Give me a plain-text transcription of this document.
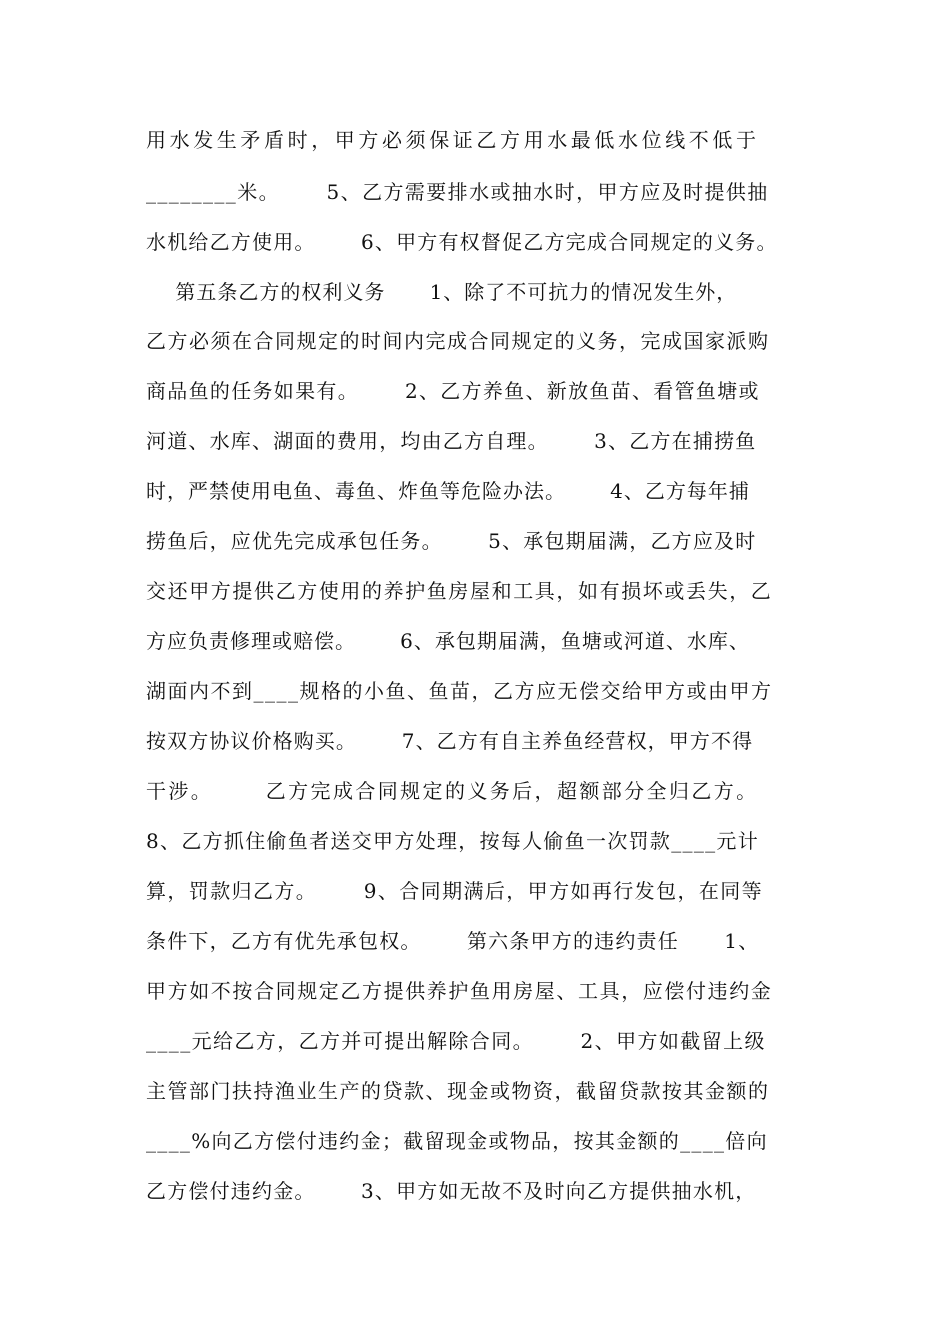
用水发生矛盾时，甲方必须保证乙方用水最低水位线不低于
________米。      5、乙方需要排水或抽水时，甲方应及时提供抽
水机给乙方使用。      6、甲方有权督促乙方完成合同规定的义务。
第五条乙方的权利义务      1、除了不可抗力的情况发生外，
乙方必须在合同规定的时间内完成合同规定的义务，完成国家派购
商品鱼的任务如果有。      2、乙方养鱼、新放鱼苗、看管鱼塘或
河道、水库、湖面的费用，均由乙方自理。      3、乙方在捕捞鱼
时，严禁使用电鱼、毒鱼、炸鱼等危险办法。      4、乙方每年捕
捞鱼后，应优先完成承包任务。      5、承包期届满，乙方应及时
交还甲方提供乙方使用的养护鱼房屋和工具，如有损坏或丢失，乙
方应负责修理或赔偿。      6、承包期届满，鱼塘或河道、水库、
湖面内不到____规格的小鱼、鱼苗，乙方应无偿交给甲方或由甲方
按双方协议价格购买。      7、乙方有自主养鱼经营权，甲方不得
干涉。      乙方完成合同规定的义务后，超额部分全归乙方。
8、乙方抓住偷鱼者送交甲方处理，按每人偷鱼一次罚款____元计
算，罚款归乙方。      9、合同期满后，甲方如再行发包，在同等
条件下，乙方有优先承包权。      第六条甲方的违约责任      1、
甲方如不按合同规定乙方提供养护鱼用房屋、工具，应偿付违约金
____元给乙方，乙方并可提出解除合同。      2、甲方如截留上级
主管部门扶持渔业生产的贷款、现金或物资，截留贷款按其金额的
____%向乙方偿付违约金；截留现金或物品，按其金额的____倍向
乙方偿付违约金。      3、甲方如无故不及时向乙方提供抽水机，
